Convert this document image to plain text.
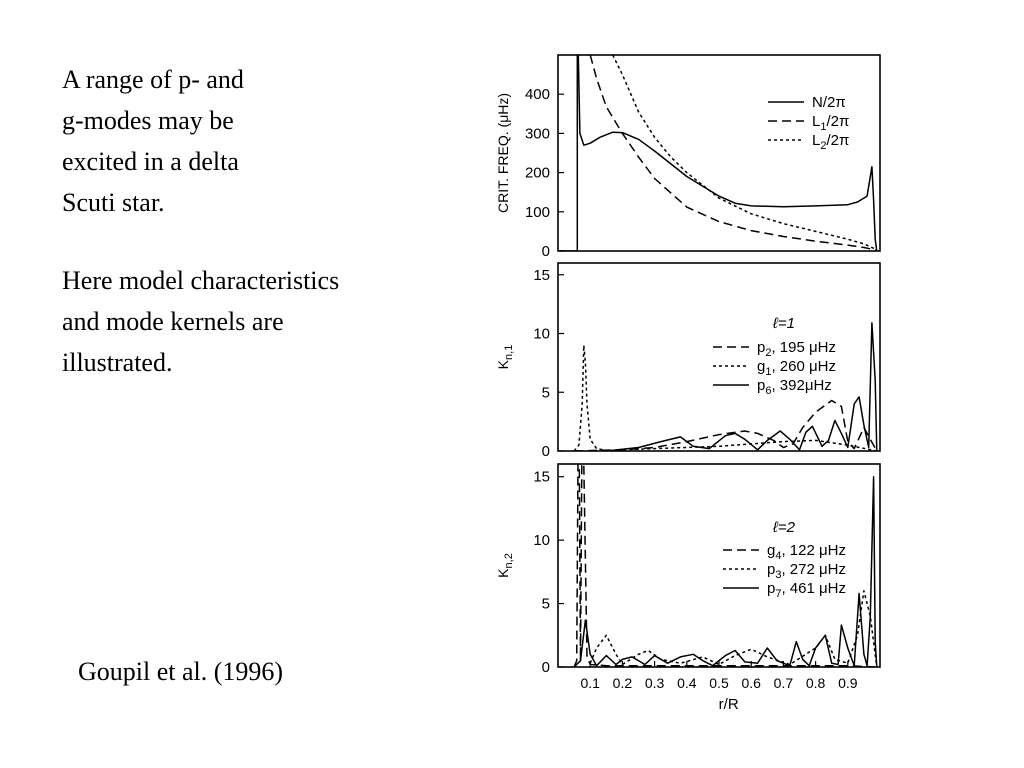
A range of p- and
g-modes may be
excited in a delta
Scuti star.

Here model characteristics
and mode kernels are
illustrated.

Goupil et al. (1996)
0
100
200
300
400
CRIT. FREQ. (μHz)	N/2π
$L_1/2\pi$
$L_2/2\pi$
0
5
10
15
$K_{n,1}$
ℓ=1
$p_2$, 195 μHz
$g_1$, 260 μHz
$p_6$, 392μHz
0
5
10
15
$K_{n,2}$
0.1 0.2 0.3 0.4 0.5 0.6 0.7 0.8 0.9
r/R
ℓ=2
$g_4$, 122 μHz
$p_3$, 272 μHz
$p_7$, 461 μHz
